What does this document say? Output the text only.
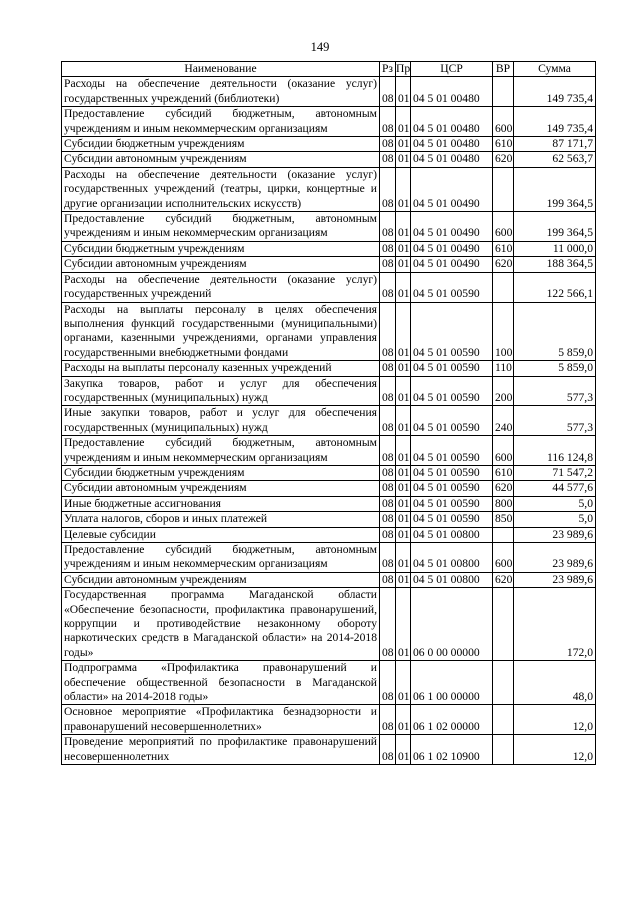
149
Наименование	Рз	Пр	ЦСР	ВР	Сумма
Расходы на обеспечение деятельности (оказание услуг) государственных учреждений (библиотеки)	08	01	04 5 01 00480		149 735,4
Предоставление субсидий бюджетным, автономным учреждениям и иным некоммерческим организациям	08	01	04 5 01 00480	600	149 735,4
Субсидии бюджетным учреждениям	08	01	04 5 01 00480	610	87 171,7
Субсидии автономным учреждениям	08	01	04 5 01 00480	620	62 563,7
Расходы на обеспечение деятельности (оказание услуг) государственных учреждений (театры, цирки, концертные и другие организации исполнительских искусств)	08	01	04 5 01 00490		199 364,5
Предоставление субсидий бюджетным, автономным учреждениям и иным некоммерческим организациям	08	01	04 5 01 00490	600	199 364,5
Субсидии бюджетным учреждениям	08	01	04 5 01 00490	610	11 000,0
Субсидии автономным учреждениям	08	01	04 5 01 00490	620	188 364,5
Расходы на обеспечение деятельности (оказание услуг) государственных учреждений	08	01	04 5 01 00590		122 566,1
Расходы на выплаты персоналу в целях обеспечения выполнения функций государственными (муниципальными) органами, казенными учреждениями, органами управления государственными внебюджетными фондами	08	01	04 5 01 00590	100	5 859,0
Расходы на выплаты персоналу казенных учреждений	08	01	04 5 01 00590	110	5 859,0
Закупка товаров, работ и услуг для обеспечения государственных (муниципальных) нужд	08	01	04 5 01 00590	200	577,3
Иные закупки товаров, работ и услуг для обеспечения государственных (муниципальных) нужд	08	01	04 5 01 00590	240	577,3
Предоставление субсидий бюджетным, автономным учреждениям и иным некоммерческим организациям	08	01	04 5 01 00590	600	116 124,8
Субсидии бюджетным учреждениям	08	01	04 5 01 00590	610	71 547,2
Субсидии автономным учреждениям	08	01	04 5 01 00590	620	44 577,6
Иные бюджетные ассигнования	08	01	04 5 01 00590	800	5,0
Уплата налогов, сборов и иных платежей	08	01	04 5 01 00590	850	5,0
Целевые субсидии	08	01	04 5 01 00800		23 989,6
Предоставление субсидий бюджетным, автономным учреждениям и иным некоммерческим организациям	08	01	04 5 01 00800	600	23 989,6
Субсидии автономным учреждениям	08	01	04 5 01 00800	620	23 989,6
Государственная программа Магаданской области «Обеспечение безопасности, профилактика правонарушений, коррупции и противодействие незаконному обороту наркотических средств в Магаданской области» на 2014-2018 годы»	08	01	06 0 00 00000		172,0
Подпрограмма «Профилактика правонарушений и обеспечение общественной безопасности в Магаданской области» на 2014-2018 годы»	08	01	06 1 00 00000		48,0
Основное мероприятие «Профилактика безнадзорности и правонарушений несовершеннолетних»	08	01	06 1 02 00000		12,0
Проведение мероприятий по профилактике правонарушений несовершеннолетних	08	01	06 1 02 10900		12,0
